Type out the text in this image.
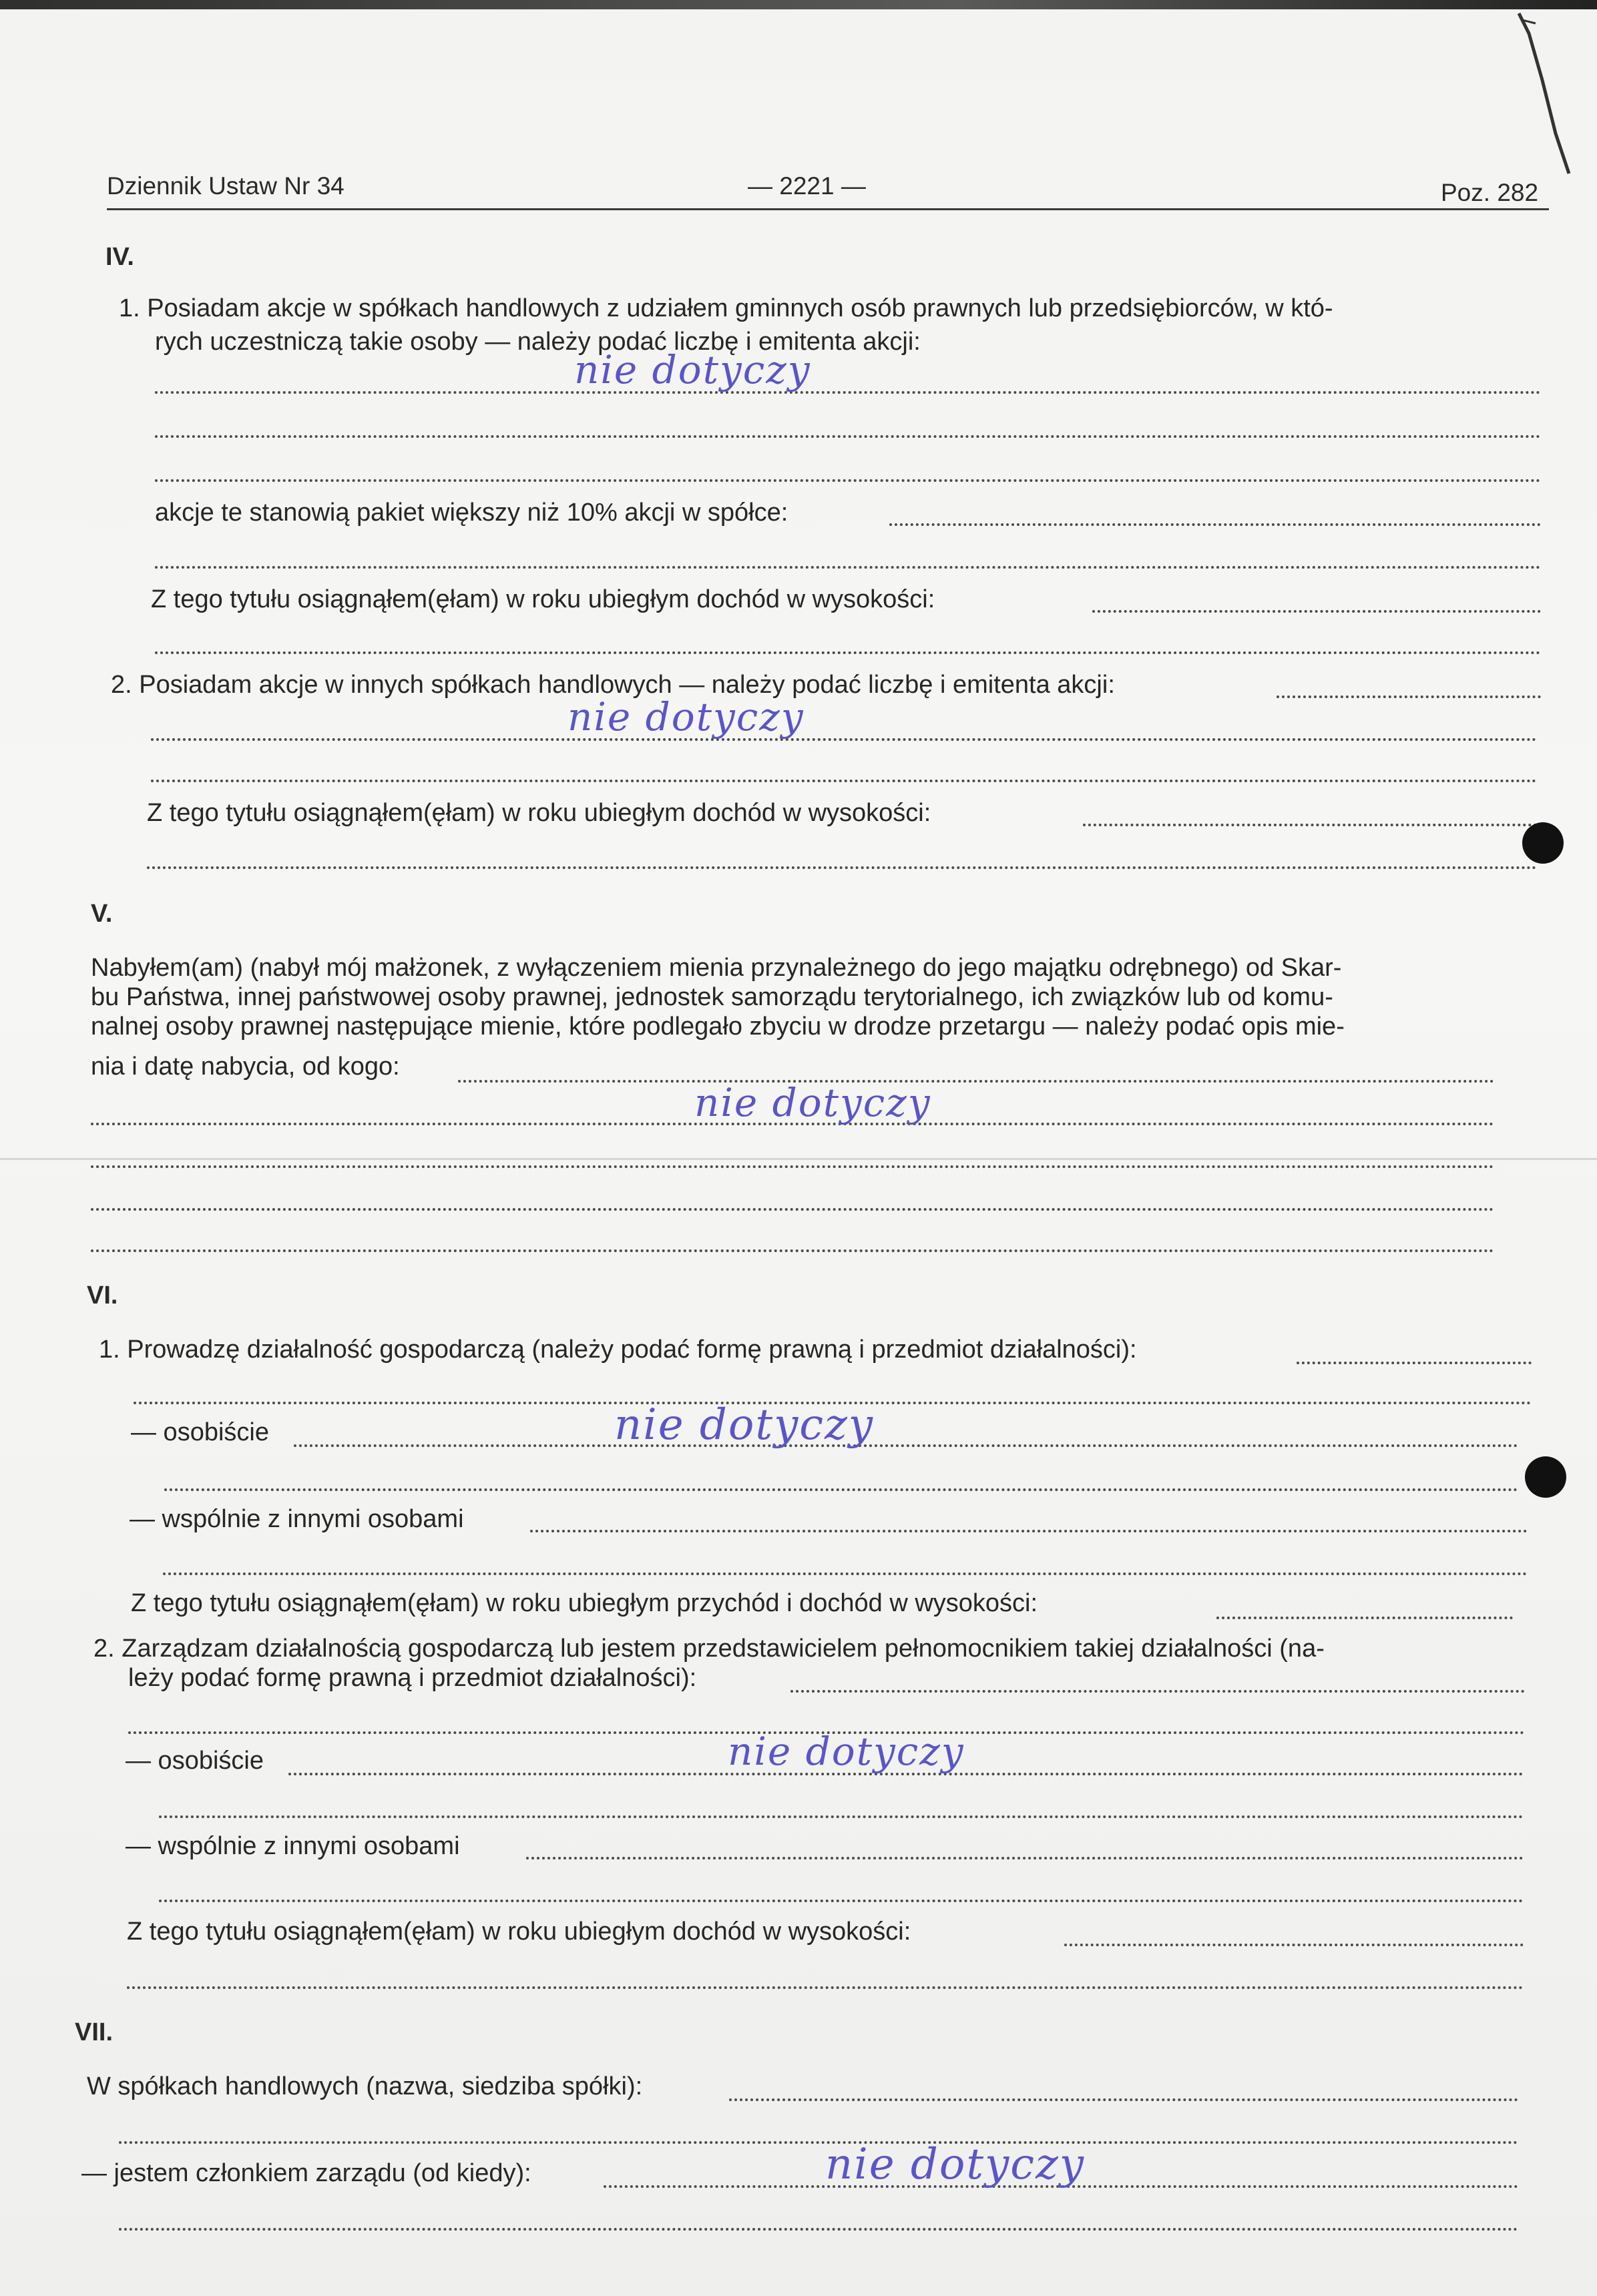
Dziennik Ustaw Nr 34	— 2221 —	Poz. 282
IV.
1. Posiadam akcje w spółkach handlowych z udziałem gminnych osób prawnych lub przedsiębiorców, w któ-
rych uczestniczą takie osoby — należy podać liczbę i emitenta akcji:
nie dotyczy
akcje te stanowią pakiet większy niż 10% akcji w spółce:
Z tego tytułu osiągnąłem(ęłam) w roku ubiegłym dochód w wysokości:
2. Posiadam akcje w innych spółkach handlowych — należy podać liczbę i emitenta akcji:
nie dotyczy
Z tego tytułu osiągnąłem(ęłam) w roku ubiegłym dochód w wysokości:
V.
Nabyłem(am) (nabył mój małżonek, z wyłączeniem mienia przynależnego do jego majątku odrębnego) od Skar-
bu Państwa, innej państwowej osoby prawnej, jednostek samorządu terytorialnego, ich związków lub od komu-
nalnej osoby prawnej następujące mienie, które podlegało zbyciu w drodze przetargu — należy podać opis mie-
nia i datę nabycia, od kogo:
nie dotyczy
VI.
1. Prowadzę działalność gospodarczą (należy podać formę prawną i przedmiot działalności):
— osobiście	nie dotyczy
— wspólnie z innymi osobami
Z tego tytułu osiągnąłem(ęłam) w roku ubiegłym przychód i dochód w wysokości:
2. Zarządzam działalnością gospodarczą lub jestem przedstawicielem pełnomocnikiem takiej działalności (na-
leży podać formę prawną i przedmiot działalności):
— osobiście	nie dotyczy
— wspólnie z innymi osobami
Z tego tytułu osiągnąłem(ęłam) w roku ubiegłym dochód w wysokości:
VII.
W spółkach handlowych (nazwa, siedziba spółki):
— jestem członkiem zarządu (od kiedy):	nie dotyczy
